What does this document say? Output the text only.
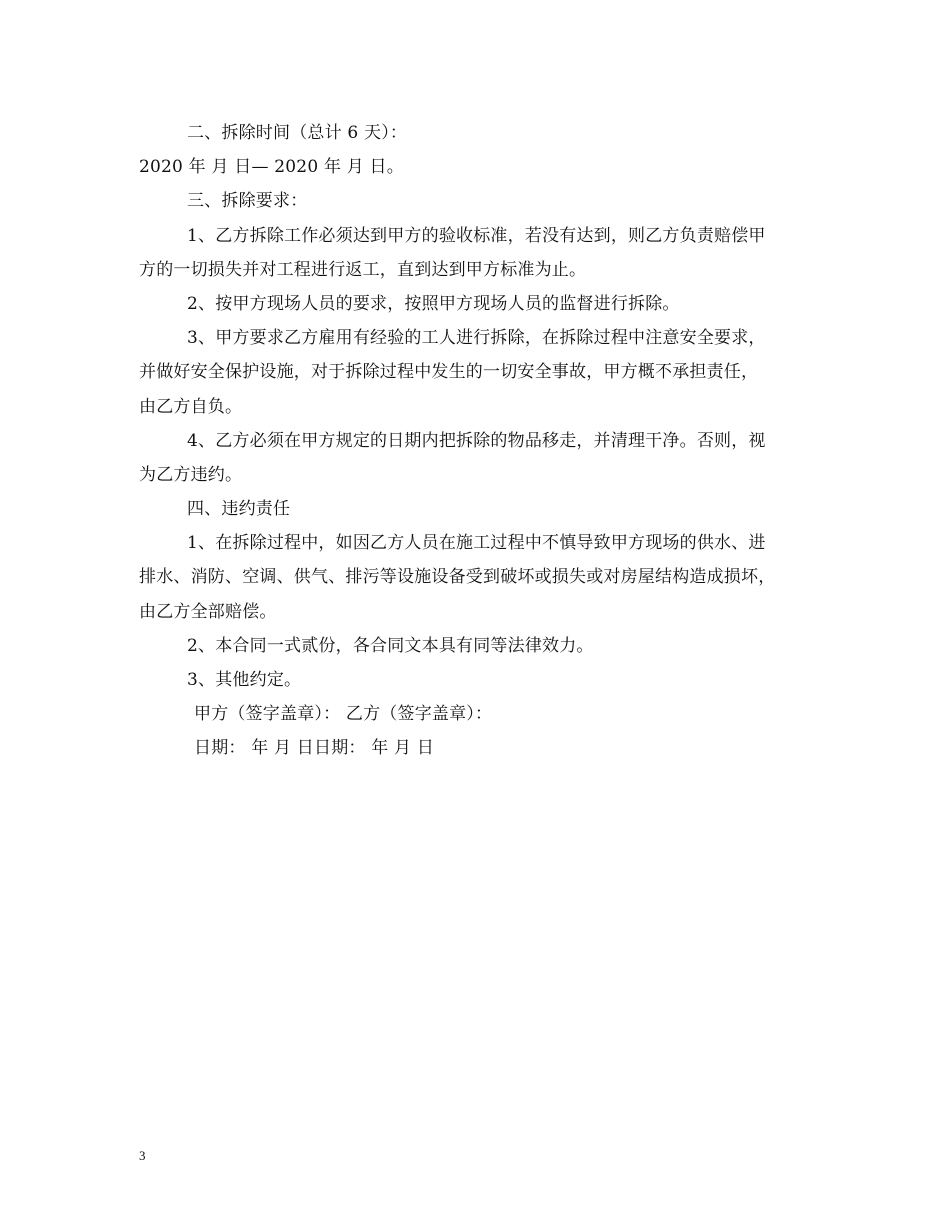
二、拆除时间（总计 6 天）：
2020 年 月 日— 2020 年 月 日。
三、拆除要求：
1、乙方拆除工作必须达到甲方的验收标准，若没有达到，则乙方负责赔偿甲
方的一切损失并对工程进行返工，直到达到甲方标准为止。
2、按甲方现场人员的要求，按照甲方现场人员的监督进行拆除。
3、甲方要求乙方雇用有经验的工人进行拆除，在拆除过程中注意安全要求，
并做好安全保护设施，对于拆除过程中发生的一切安全事故，甲方概不承担责任，
由乙方自负。
4、乙方必须在甲方规定的日期内把拆除的物品移走，并清理干净。否则，视
为乙方违约。
四、违约责任
1、在拆除过程中，如因乙方人员在施工过程中不慎导致甲方现场的供水、进
排水、消防、空调、供气、排污等设施设备受到破坏或损失或对房屋结构造成损坏，
由乙方全部赔偿。
2、本合同一式贰份，各合同文本具有同等法律效力。
3、其他约定。
甲方（签字盖章）： 乙方（签字盖章）：
日期： 年 月 日日期： 年 月 日
3
